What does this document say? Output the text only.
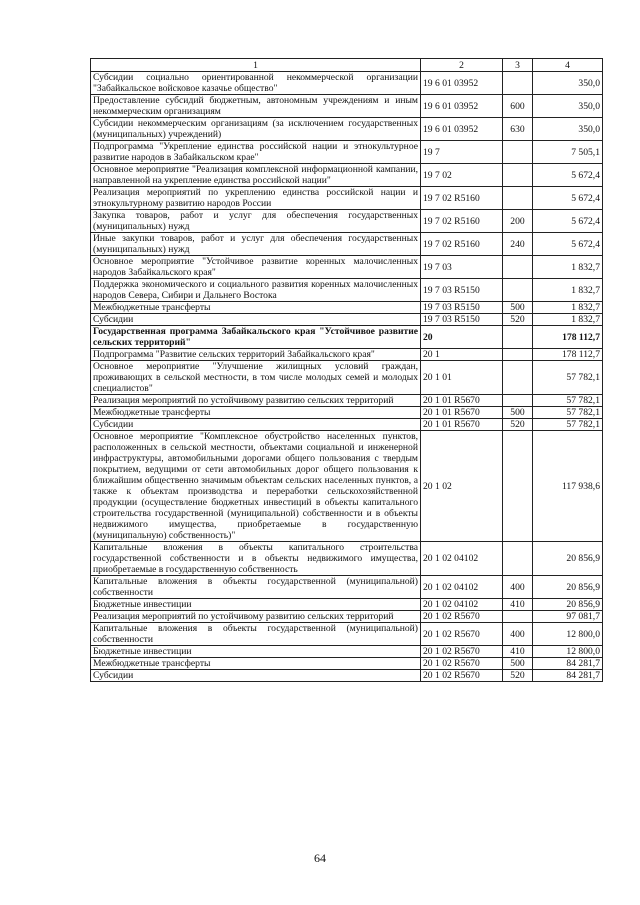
1	2	3	4
Субсидии социально ориентированной некоммерческой организации "Забайкальское войсковое казачье общество"	19 6 01 03952		350,0
Предоставление субсидий бюджетным, автономным учреждениям и иным некоммерческим организациям	19 6 01 03952	600	350,0
Субсидии некоммерческим организациям (за исключением государственных (муниципальных) учреждений)	19 6 01 03952	630	350,0
Подпрограмма "Укрепление единства российской нации и этнокультурное развитие народов в Забайкальском крае"	19 7		7 505,1
Основное мероприятие "Реализация комплексной информационной кампании, направленной на укрепление единства российской нации"	19 7 02		5 672,4
Реализация мероприятий по укреплению единства российской нации и этнокультурному развитию народов России	19 7 02 R5160		5 672,4
Закупка товаров, работ и услуг для обеспечения государственных (муниципальных) нужд	19 7 02 R5160	200	5 672,4
Иные закупки товаров, работ и услуг для обеспечения государственных (муниципальных) нужд	19 7 02 R5160	240	5 672,4
Основное мероприятие "Устойчивое развитие коренных малочисленных народов Забайкальского края"	19 7 03		1 832,7
Поддержка экономического и социального развития коренных малочисленных народов Севера, Сибири и Дальнего Востока	19 7 03 R5150		1 832,7
Межбюджетные трансферты	19 7 03 R5150	500	1 832,7
Субсидии	19 7 03 R5150	520	1 832,7
Государственная программа Забайкальского края "Устойчивое развитие сельских территорий"	20		178 112,7
Подпрограмма "Развитие сельских территорий Забайкальского края"	20 1		178 112,7
Основное мероприятие "Улучшение жилищных условий граждан, проживающих в сельской местности, в том числе молодых семей и молодых специалистов"	20 1 01		57 782,1
Реализация мероприятий по устойчивому развитию сельских территорий	20 1 01 R5670		57 782,1
Межбюджетные трансферты	20 1 01 R5670	500	57 782,1
Субсидии	20 1 01 R5670	520	57 782,1
Основное мероприятие "Комплексное обустройство населенных пунктов, расположенных в сельской местности, объектами социальной и инженерной инфраструктуры, автомобильными дорогами общего пользования с твердым покрытием, ведущими от сети автомобильных дорог общего пользования к ближайшим общественно значимым объектам сельских населенных пунктов, а также к объектам производства и переработки сельскохозяйственной продукции (осуществление бюджетных инвестиций в объекты капитального строительства государственной (муниципальной) собственности и в объекты недвижимого имущества, приобретаемые в государственную (муниципальную) собственность)"	20 1 02		117 938,6
Капитальные вложения в объекты капитального строительства государственной собственности и в объекты недвижимого имущества, приобретаемые в государственную собственность	20 1 02 04102		20 856,9
Капитальные вложения в объекты государственной (муниципальной) собственности	20 1 02 04102	400	20 856,9
Бюджетные инвестиции	20 1 02 04102	410	20 856,9
Реализация мероприятий по устойчивому развитию сельских территорий	20 1 02 R5670		97 081,7
Капитальные вложения в объекты государственной (муниципальной) собственности	20 1 02 R5670	400	12 800,0
Бюджетные инвестиции	20 1 02 R5670	410	12 800,0
Межбюджетные трансферты	20 1 02 R5670	500	84 281,7
Субсидии	20 1 02 R5670	520	84 281,7
64
